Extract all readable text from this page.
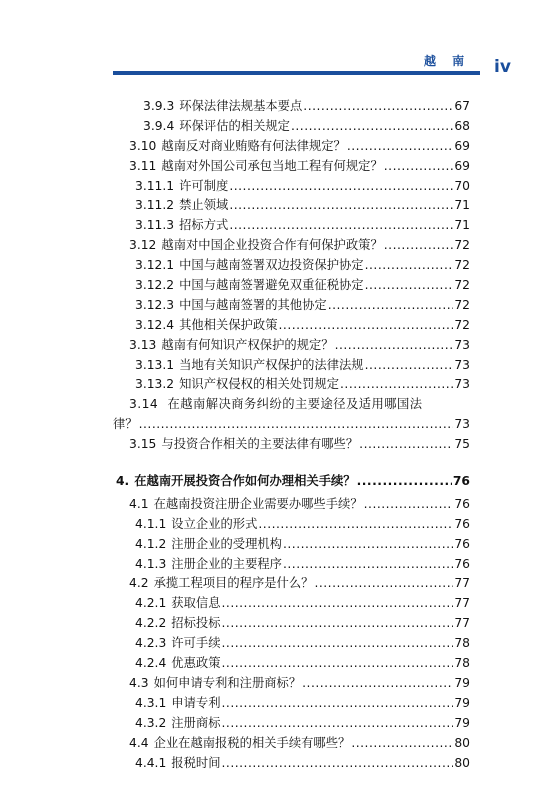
越 南 iv
3.9.3 环保法律法规基本要点 .....	67
3.9.4 环保评估的相关规定 .....	68
3.10 越南反对商业贿赂有何法律规定？ .....	69
3.11 越南对外国公司承包当地工程有何规定？ .....	69
3.11.1 许可制度 .....	70
3.11.2 禁止领域 .....	71
3.11.3 招标方式 .....	71
3.12 越南对中国企业投资合作有何保护政策？ .....	72
3.12.1 中国与越南签署双边投资保护协定 .....	72
3.12.2 中国与越南签署避免双重征税协定 .....	72
3.12.3 中国与越南签署的其他协定 .....	72
3.12.4 其他相关保护政策 .....	72
3.13 越南有何知识产权保护的规定？ .....	73
3.13.1 当地有关知识产权保护的法律法规 .....	73
3.13.2 知识产权侵权的相关处罚规定 .....	73
3.14 在越南解决商务纠纷的主要途径及适用哪国法
律？ .....	73
3.15 与投资合作相关的主要法律有哪些？ .....	75
4. 在越南开展投资合作如何办理相关手续？ .....	76
4.1 在越南投资注册企业需要办哪些手续？ .....	76
4.1.1 设立企业的形式 .....	76
4.1.2 注册企业的受理机构 .....	76
4.1.3 注册企业的主要程序 .....	76
4.2 承揽工程项目的程序是什么？ .....	77
4.2.1 获取信息 .....	77
4.2.2 招标投标 .....	77
4.2.3 许可手续 .....	78
4.2.4 优惠政策 .....	78
4.3 如何申请专利和注册商标？ .....	79
4.3.1 申请专利 .....	79
4.3.2 注册商标 .....	79
4.4 企业在越南报税的相关手续有哪些？ .....	80
4.4.1 报税时间 .....	80
